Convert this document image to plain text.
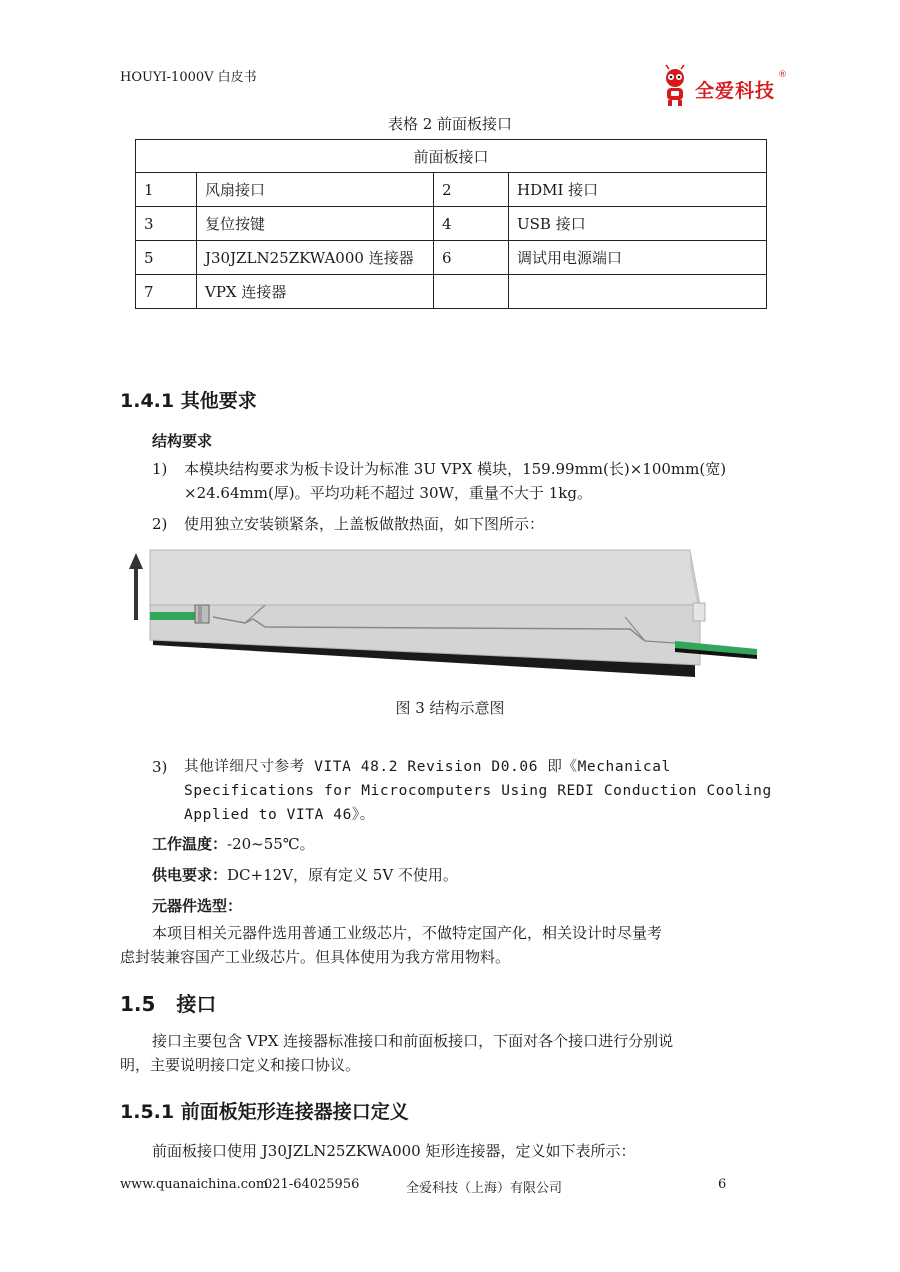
HOUYI-1000V 白皮书
全爱科技
®
表格 2 前面板接口
前面板接口			
1	风扇接口	2	HDMI 接口
3	复位按键	4	USB 接口
5	J30JZLN25ZKWA000 连接器	6	调试用电源端口
7	VPX 连接器		
1.4.1 其他要求
结构要求
1) 本模块结构要求为板卡设计为标准 3U VPX 模块，159.99mm(长)×100mm(宽)
×24.64mm(厚)。平均功耗不超过 30W，重量不大于 1kg。
2) 使用独立安装锁紧条，上盖板做散热面，如下图所示：
图 3 结构示意图
3) 其他详细尺寸参考 VITA 48.2 Revision D0.06 即《Mechanical
Specifications for Microcomputers Using REDI Conduction Cooling
Applied to VITA 46》。
工作温度：-20~55℃。
供电要求：DC+12V，原有定义 5V 不使用。
元器件选型：
本项目相关元器件选用普通工业级芯片，不做特定国产化，相关设计时尽量考
虑封装兼容国产工业级芯片。但具体使用为我方常用物料。
1.5   接口
接口主要包含 VPX 连接器标准接口和前面板接口，下面对各个接口进行分别说
明，主要说明接口定义和接口协议。
1.5.1 前面板矩形连接器接口定义
前面板接口使用 J30JZLN25ZKWA000 矩形连接器，定义如下表所示：
www.quanaichina.com
021-64025956	全爱科技（上海）有限公司	6
